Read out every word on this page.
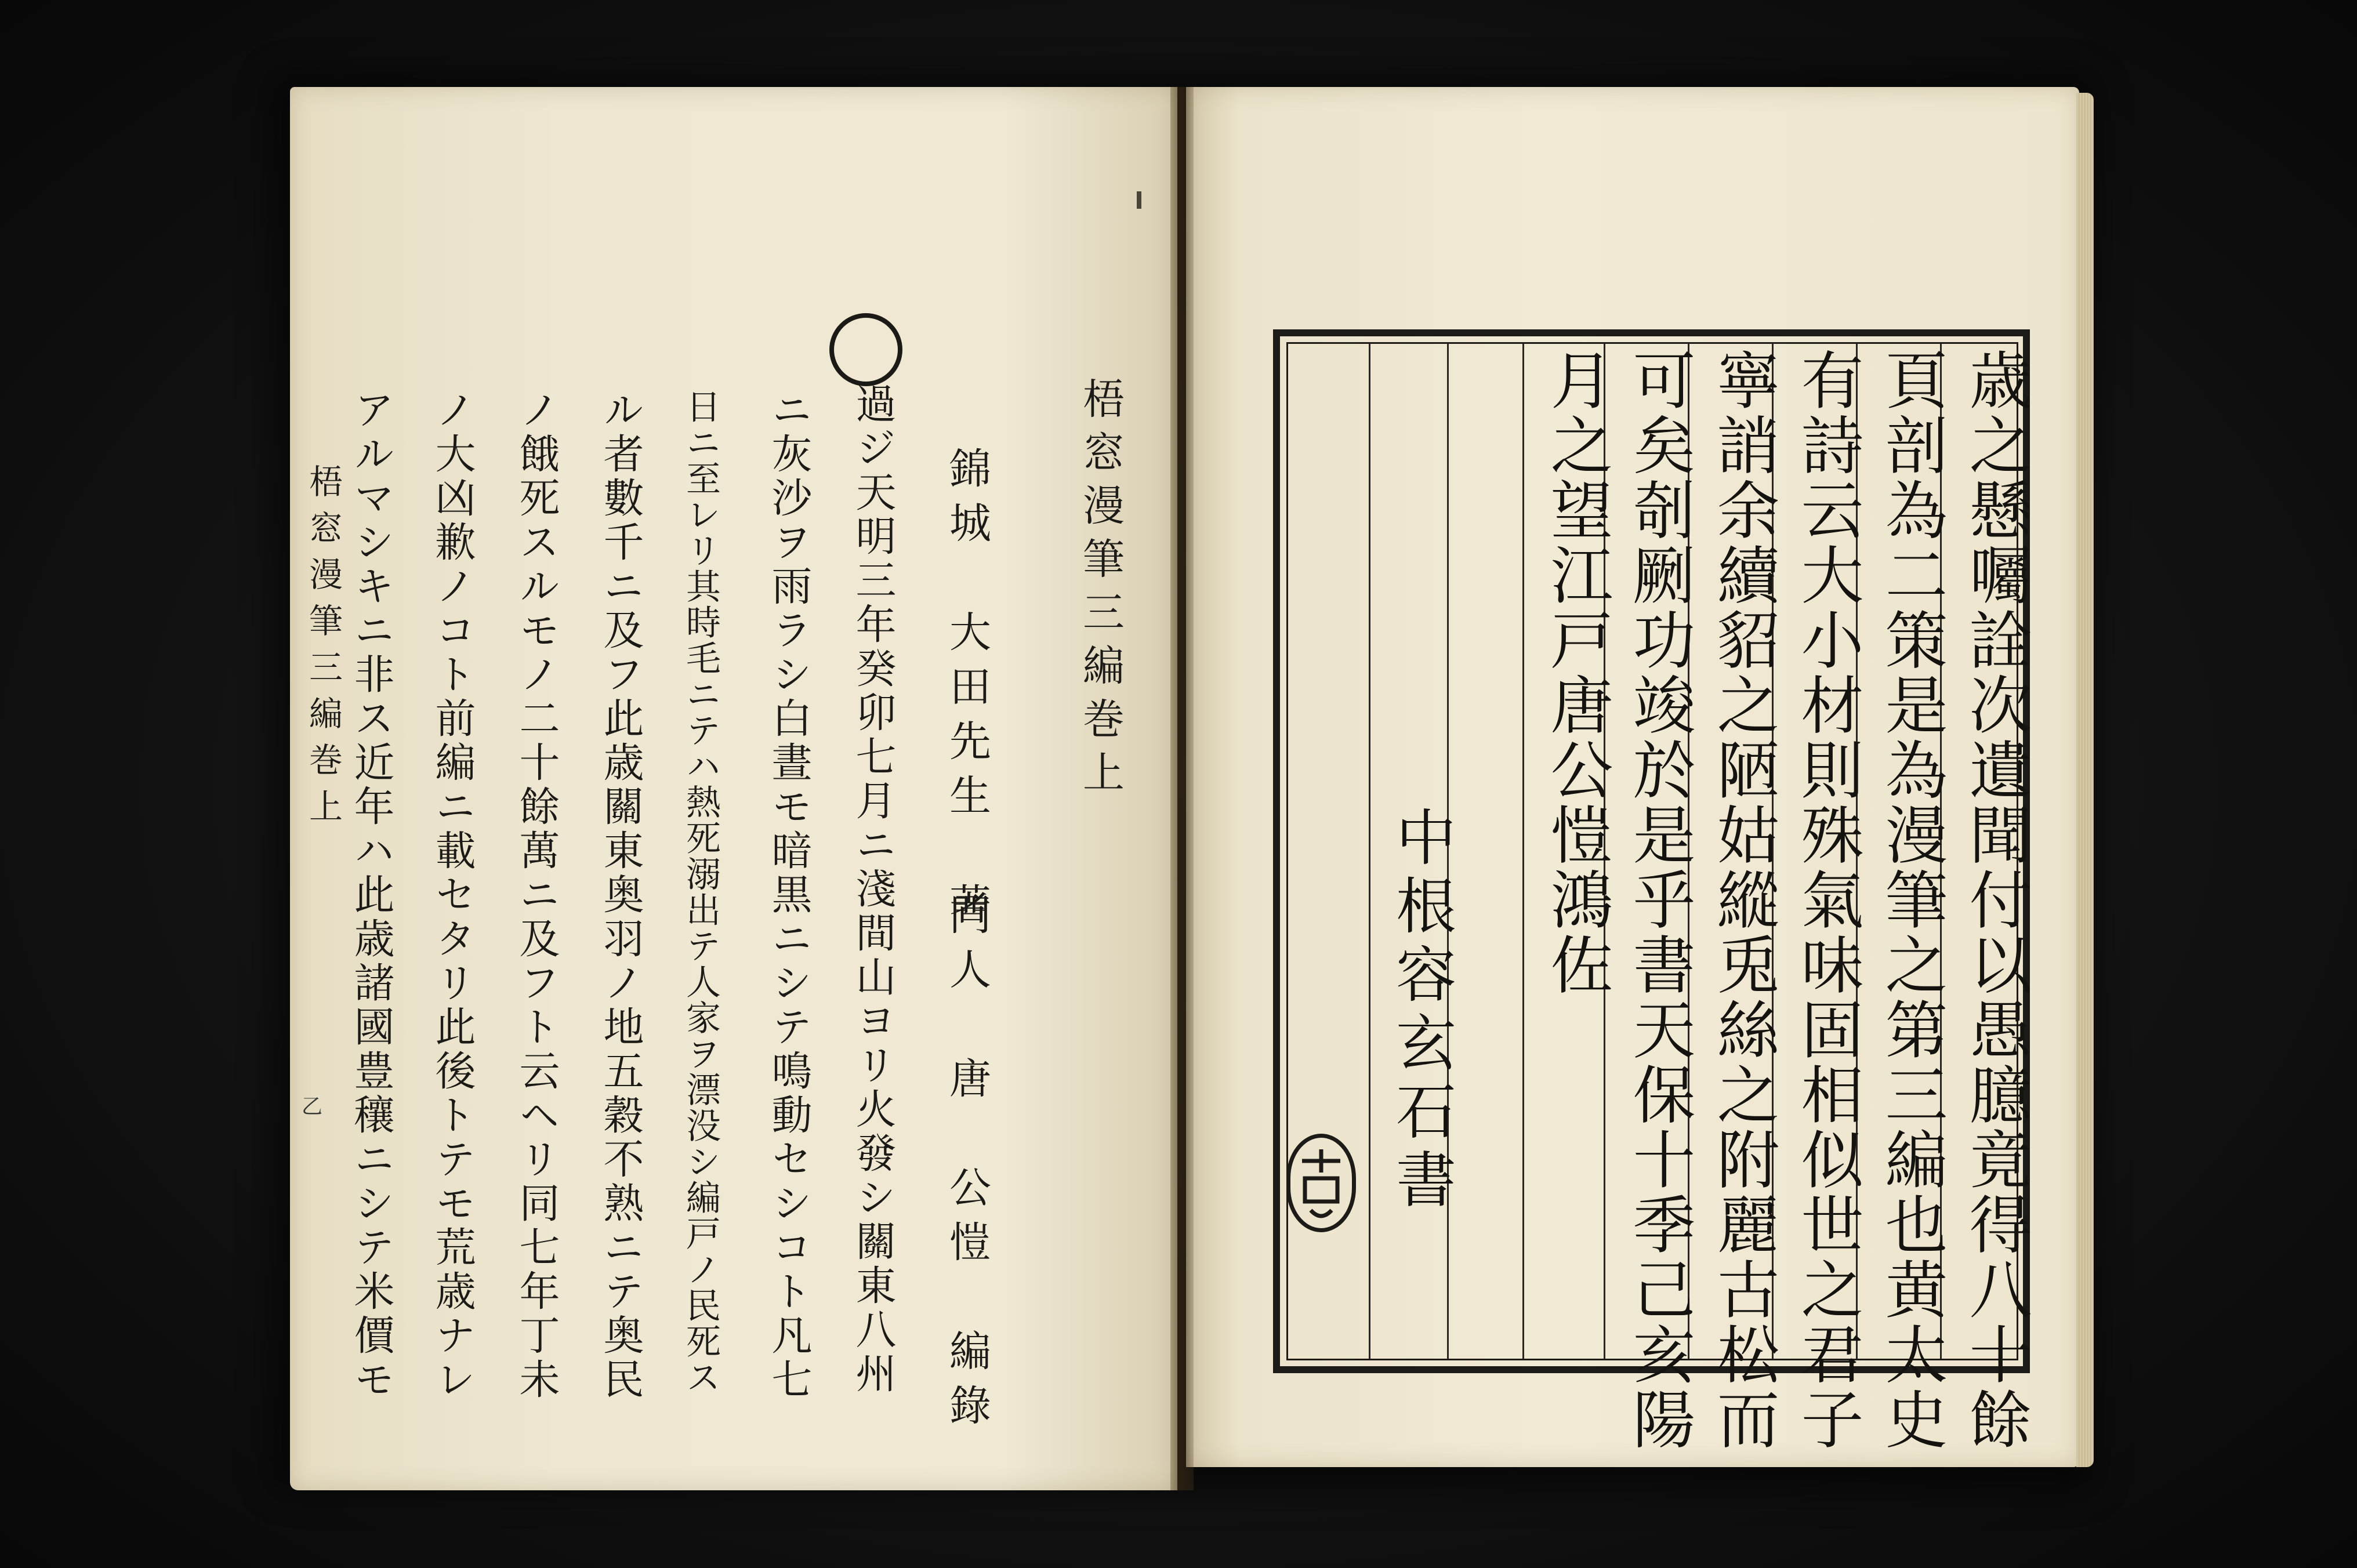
梧窓漫筆三編巻上
錦城　大田先生　著
過ジ天明三年癸卯七月ニ淺間山ヨリ火發シ關東八州
ニ灰沙ヲ雨ラシ白晝モ暗黒ニシテ鳴動セシコト凡七
日ニ至レリ其時毛ニテハ熱死溺出テ人家ヲ漂没シ編戸ノ民死ス
ル者數千ニ及フ此歳關東奥羽ノ地五穀不熟ニテ奥民
ノ餓死スルモノ二十餘萬ニ及フト云ヘリ同七年丁未
ノ大凶歉ノコト前編ニ載セタリ此後トテモ荒歳ナレ
アルマシキニ非ス近年ハ此歳諸國豊穰ニシテ米價モ
梧窓漫筆三編巻上
乙	門人　唐　公愷　編錄	歳之懸囑詮次遺聞付以愚臆竟得八十餘
頁剖為二策是為漫筆之第三編也黄太史
有詩云大小材則殊氣味固相似世之君子
寧誚余續貂之陋姑縱兎絲之附麗古松而
可矣剞劂功竣於是乎書天保十季己亥陽
月之望江戸唐公愷鴻佐
中根容玄石書
